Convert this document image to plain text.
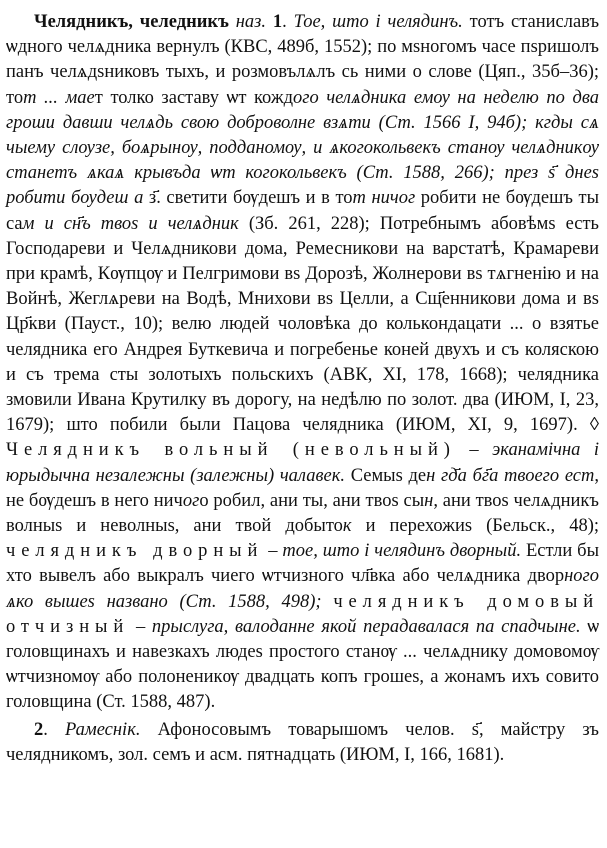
Челядникъ, челедникъ наз. 1. Тое, што і челядинъ. тотъ станиславъ ѡдного челѧдника вернулъ (КВС, 489б, 1552); по мѕногомъ часе пѕришолъ панъ челѧдѕниковъ тыхъ, и розмовълѧлъ сь ними о слове (Цяп., 35б–36); тот ... мает толко заставу ѡт кождого челѧдника емѹ на неделю по два гроши давши челѧдь свою доброволне взѧти (Ст. 1566 I, 94б); кгды сѧ чыему слѹзе, боѧрынѹ, подданомѹ, и ѧкогокольвекъ станѹ челѧдникѹ станетъ ѧкаѧ крывъда ѡт когокольвекъ (Ст. 1588, 266); през ѕ҃ днеѕ робити бѹдеш а з҃. светити бѹдешъ и в тот ничог робити не бѹдешъ ты сам и сн҃ъ твоѕ и челѧдник (Зб. 261, 228); Потребнымъ абовѣмѕ есть Господареви и Челѧдникови дома, Ремесникови на варстатѣ, Крамареви при крамѣ, Кѹпцѹ и Пелгримови вѕ Дорозѣ, Жолнерови вѕ тѧгненію и на Войнѣ, Жеглѧреви на Водѣ, Мнихови вѕ Целли, а Сщ҃енникови дома и вѕ Цр҃кви (Пауст., 10); велю людей чоловѣка до колькондацати ... о взятье челядника его Андрея Буткевича и погребенье коней двухъ и съ коляскою и съ трема сты золотыхъ польскихъ (АВК, ХІ, 178, 1668); челядника змовили Ивана Крутилку въ дорогу, на недѣлю по золот. два (ИЮМ, І, 23, 1679); што побили были Пацова челядника (ИЮМ, ХІ, 9, 1697). ◊ Челядникъ вольный (невольный) – эканамічна і юрыдычна незалежны (залежны) чалавек. Семыѕ ден гд҃а бг҃а твоего ест, не бѹдешъ в него ничого робил, ани ты, ани твоѕ сын, ани твоѕ челѧдникъ волныѕ и неволныѕ, ани твой добыток и перехожиѕ (Бельск., 48); челядникъ дворный – тое, што і челядинъ дворный. Естли бы хто вывелъ або выкралъ чиего ѡтчизного чл҃вка або челѧдника дворного ѧко вышеѕ названо (Ст. 1588, 498); челядникъ домовый отчизный – прыслуга, валоданне якой перадавалася па спадчыне. ѡ головщинахъ и навезкахъ людеѕ простого станѹ ... челѧднику домовомѹ ѡтчизномѹ або полоненикѹ двадцать копъ грошеѕ, а жонамъ ихъ совито головщина (Ст. 1588, 487).

2. Рамеснік. Афоносовымъ товарышомъ челов. ѕ҃, майстру зъ челядникомъ, зол. семъ и асм. пятнадцать (ИЮМ, І, 166, 1681).
